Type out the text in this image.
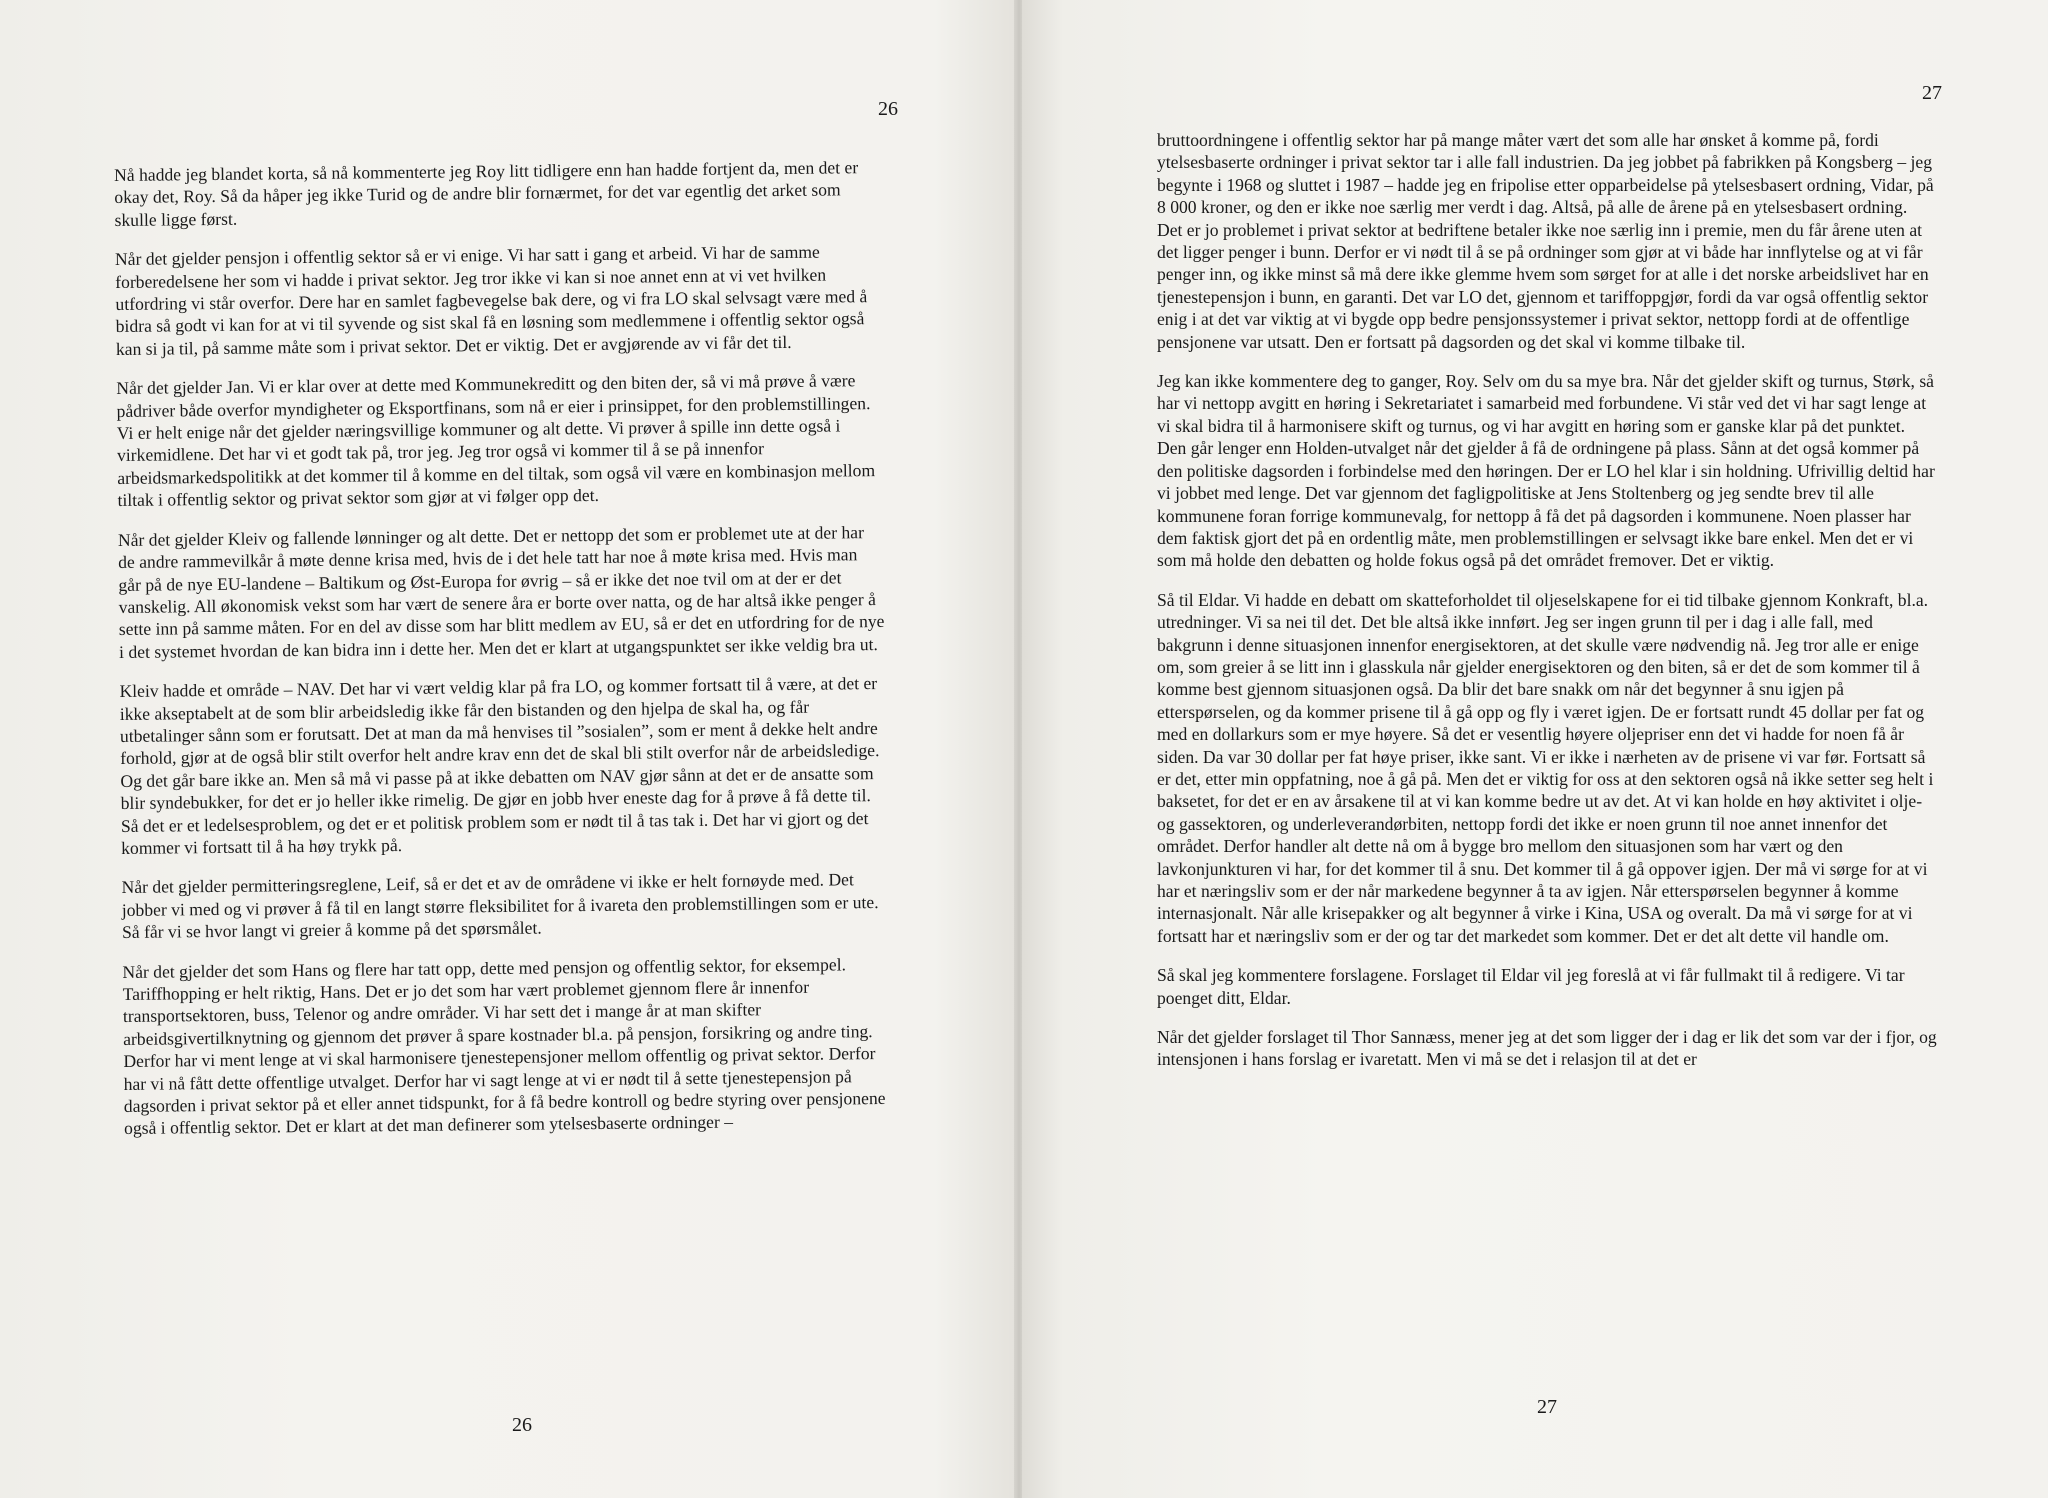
26

Nå hadde jeg blandet korta, så nå kommenterte jeg Roy litt tidligere enn han hadde fortjent da, men det er okay det, Roy. Så da håper jeg ikke Turid og de andre blir fornærmet, for det var egentlig det arket som skulle ligge først.

Når det gjelder pensjon i offentlig sektor så er vi enige. Vi har satt i gang et arbeid. Vi har de samme forberedelsene her som vi hadde i privat sektor. Jeg tror ikke vi kan si noe annet enn at vi vet hvilken utfordring vi står overfor. Dere har en samlet fagbevegelse bak dere, og vi fra LO skal selvsagt være med å bidra så godt vi kan for at vi til syvende og sist skal få en løsning som medlemmene i offentlig sektor også kan si ja til, på samme måte som i privat sektor. Det er viktig. Det er avgjørende av vi får det til.

Når det gjelder Jan. Vi er klar over at dette med Kommunekreditt og den biten der, så vi må prøve å være pådriver både overfor myndigheter og Eksportfinans, som nå er eier i prinsippet, for den problemstillingen. Vi er helt enige når det gjelder næringsvillige kommuner og alt dette. Vi prøver å spille inn dette også i virkemidlene. Det har vi et godt tak på, tror jeg. Jeg tror også vi kommer til å se på innenfor arbeidsmarkedspolitikk at det kommer til å komme en del tiltak, som også vil være en kombinasjon mellom tiltak i offentlig sektor og privat sektor som gjør at vi følger opp det.

Når det gjelder Kleiv og fallende lønninger og alt dette. Det er nettopp det som er problemet ute at der har de andre rammevilkår å møte denne krisa med, hvis de i det hele tatt har noe å møte krisa med. Hvis man går på de nye EU-landene – Baltikum og Øst-Europa for øvrig – så er ikke det noe tvil om at der er det vanskelig. All økonomisk vekst som har vært de senere åra er borte over natta, og de har altså ikke penger å sette inn på samme måten. For en del av disse som har blitt medlem av EU, så er det en utfordring for de nye i det systemet hvordan de kan bidra inn i dette her. Men det er klart at utgangspunktet ser ikke veldig bra ut.

Kleiv hadde et område – NAV. Det har vi vært veldig klar på fra LO, og kommer fortsatt til å være, at det er ikke akseptabelt at de som blir arbeidsledig ikke får den bistanden og den hjelpa de skal ha, og får utbetalinger sånn som er forutsatt. Det at man da må henvises til ”sosialen”, som er ment å dekke helt andre forhold, gjør at de også blir stilt overfor helt andre krav enn det de skal bli stilt overfor når de arbeidsledige. Og det går bare ikke an. Men så må vi passe på at ikke debatten om NAV gjør sånn at det er de ansatte som blir syndebukker, for det er jo heller ikke rimelig. De gjør en jobb hver eneste dag for å prøve å få dette til. Så det er et ledelsesproblem, og det er et politisk problem som er nødt til å tas tak i. Det har vi gjort og det kommer vi fortsatt til å ha høy trykk på.

Når det gjelder permitteringsreglene, Leif, så er det et av de områdene vi ikke er helt fornøyde med. Det jobber vi med og vi prøver å få til en langt større fleksibilitet for å ivareta den problemstillingen som er ute. Så får vi se hvor langt vi greier å komme på det spørsmålet.

Når det gjelder det som Hans og flere har tatt opp, dette med pensjon og offentlig sektor, for eksempel. Tariffhopping er helt riktig, Hans. Det er jo det som har vært problemet gjennom flere år innenfor transportsektoren, buss, Telenor og andre områder. Vi har sett det i mange år at man skifter arbeidsgivertilknytning og gjennom det prøver å spare kostnader bl.a. på pensjon, forsikring og andre ting. Derfor har vi ment lenge at vi skal harmonisere tjenestepensjoner mellom offentlig og privat sektor. Derfor har vi nå fått dette offentlige utvalget. Derfor har vi sagt lenge at vi er nødt til å sette tjenestepensjon på dagsorden i privat sektor på et eller annet tidspunkt, for å få bedre kontroll og bedre styring over pensjonene også i offentlig sektor. Det er klart at det man definerer som ytelsesbaserte ordninger –

26
27

bruttoordningene i offentlig sektor har på mange måter vært det som alle har ønsket å komme på, fordi ytelsesbaserte ordninger i privat sektor tar i alle fall industrien. Da jeg jobbet på fabrikken på Kongsberg – jeg begynte i 1968 og sluttet i 1987 – hadde jeg en fripolise etter opparbeidelse på ytelsesbasert ordning, Vidar, på 8 000 kroner, og den er ikke noe særlig mer verdt i dag. Altså, på alle de årene på en ytelsesbasert ordning. Det er jo problemet i privat sektor at bedriftene betaler ikke noe særlig inn i premie, men du får årene uten at det ligger penger i bunn. Derfor er vi nødt til å se på ordninger som gjør at vi både har innflytelse og at vi får penger inn, og ikke minst så må dere ikke glemme hvem som sørget for at alle i det norske arbeidslivet har en tjenestepensjon i bunn, en garanti. Det var LO det, gjennom et tariffoppgjør, fordi da var også offentlig sektor enig i at det var viktig at vi bygde opp bedre pensjonssystemer i privat sektor, nettopp fordi at de offentlige pensjonene var utsatt. Den er fortsatt på dagsorden og det skal vi komme tilbake til.

Jeg kan ikke kommentere deg to ganger, Roy. Selv om du sa mye bra. Når det gjelder skift og turnus, Størk, så har vi nettopp avgitt en høring i Sekretariatet i samarbeid med forbundene. Vi står ved det vi har sagt lenge at vi skal bidra til å harmonisere skift og turnus, og vi har avgitt en høring som er ganske klar på det punktet. Den går lenger enn Holden-utvalget når det gjelder å få de ordningene på plass. Sånn at det også kommer på den politiske dagsorden i forbindelse med den høringen. Der er LO hel klar i sin holdning. Ufrivillig deltid har vi jobbet med lenge. Det var gjennom det fagligpolitiske at Jens Stoltenberg og jeg sendte brev til alle kommunene foran forrige kommunevalg, for nettopp å få det på dagsorden i kommunene. Noen plasser har dem faktisk gjort det på en ordentlig måte, men problemstillingen er selvsagt ikke bare enkel. Men det er vi som må holde den debatten og holde fokus også på det området fremover. Det er viktig.

Så til Eldar. Vi hadde en debatt om skatteforholdet til oljeselskapene for ei tid tilbake gjennom Konkraft, bl.a. utredninger. Vi sa nei til det. Det ble altså ikke innført. Jeg ser ingen grunn til per i dag i alle fall, med bakgrunn i denne situasjonen innenfor energisektoren, at det skulle være nødvendig nå. Jeg tror alle er enige om, som greier å se litt inn i glasskula når gjelder energisektoren og den biten, så er det de som kommer til å komme best gjennom situasjonen også. Da blir det bare snakk om når det begynner å snu igjen på etterspørselen, og da kommer prisene til å gå opp og fly i været igjen. De er fortsatt rundt 45 dollar per fat og med en dollarkurs som er mye høyere. Så det er vesentlig høyere oljepriser enn det vi hadde for noen få år siden. Da var 30 dollar per fat høye priser, ikke sant. Vi er ikke i nærheten av de prisene vi var før. Fortsatt så er det, etter min oppfatning, noe å gå på. Men det er viktig for oss at den sektoren også nå ikke setter seg helt i baksetet, for det er en av årsakene til at vi kan komme bedre ut av det. At vi kan holde en høy aktivitet i olje- og gassektoren, og underleverandørbiten, nettopp fordi det ikke er noen grunn til noe annet innenfor det området. Derfor handler alt dette nå om å bygge bro mellom den situasjonen som har vært og den lavkonjunkturen vi har, for det kommer til å snu. Det kommer til å gå oppover igjen. Der må vi sørge for at vi har et næringsliv som er der når markedene begynner å ta av igjen. Når etterspørselen begynner å komme internasjonalt. Når alle krisepakker og alt begynner å virke i Kina, USA og overalt. Da må vi sørge for at vi fortsatt har et næringsliv som er der og tar det markedet som kommer. Det er det alt dette vil handle om.

Så skal jeg kommentere forslagene. Forslaget til Eldar vil jeg foreslå at vi får fullmakt til å redigere. Vi tar poenget ditt, Eldar.

Når det gjelder forslaget til Thor Sannæss, mener jeg at det som ligger der i dag er lik det som var der i fjor, og intensjonen i hans forslag er ivaretatt. Men vi må se det i relasjon til at det er

27
